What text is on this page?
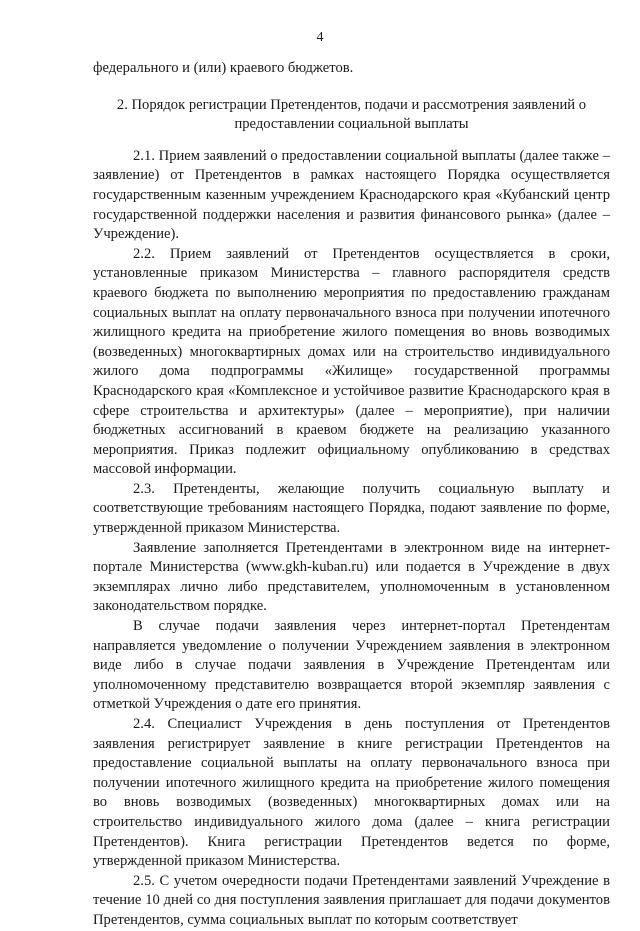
4

федерального и (или) краевого бюджетов.

2. Порядок регистрации Претендентов, подачи и рассмотрения заявлений о предоставлении социальной выплаты

2.1. Прием заявлений о предоставлении социальной выплаты (далее также – заявление) от Претендентов в рамках настоящего Порядка осуществляется государственным казенным учреждением Краснодарского края «Кубанский центр государственной поддержки населения и развития финансового рынка» (далее – Учреждение).

2.2. Прием заявлений от Претендентов осуществляется в сроки, установленные приказом Министерства – главного распорядителя средств краевого бюджета по выполнению мероприятия по предоставлению гражданам социальных выплат на оплату первоначального взноса при получении ипотечного жилищного кредита на приобретение жилого помещения во вновь возводимых (возведенных) многоквартирных домах или на строительство индивидуального жилого дома подпрограммы «Жилище» государственной программы Краснодарского края «Комплексное и устойчивое развитие Краснодарского края в сфере строительства и архитектуры» (далее – мероприятие), при наличии бюджетных ассигнований в краевом бюджете на реализацию указанного мероприятия. Приказ подлежит официальному опубликованию в средствах массовой информации.

2.3. Претенденты, желающие получить социальную выплату и соответствующие требованиям настоящего Порядка, подают заявление по форме, утвержденной приказом Министерства.

Заявление заполняется Претендентами в электронном виде на интернет-портале Министерства (www.gkh-kuban.ru) или подается в Учреждение в двух экземплярах лично либо представителем, уполномоченным в установленном законодательством порядке.

В случае подачи заявления через интернет-портал Претендентам направляется уведомление о получении Учреждением заявления в электронном виде либо в случае подачи заявления в Учреждение Претендентам или уполномоченному представителю возвращается второй экземпляр заявления с отметкой Учреждения о дате его принятия.

2.4. Специалист Учреждения в день поступления от Претендентов заявления регистрирует заявление в книге регистрации Претендентов на предоставление социальной выплаты на оплату первоначального взноса при получении ипотечного жилищного кредита на приобретение жилого помещения во вновь возводимых (возведенных) многоквартирных домах или на строительство индивидуального жилого дома (далее – книга регистрации Претендентов). Книга регистрации Претендентов ведется по форме, утвержденной приказом Министерства.

2.5. С учетом очередности подачи Претендентами заявлений Учреждение в течение 10 дней со дня поступления заявления приглашает для подачи документов Претендентов, сумма социальных выплат по которым соответствует
